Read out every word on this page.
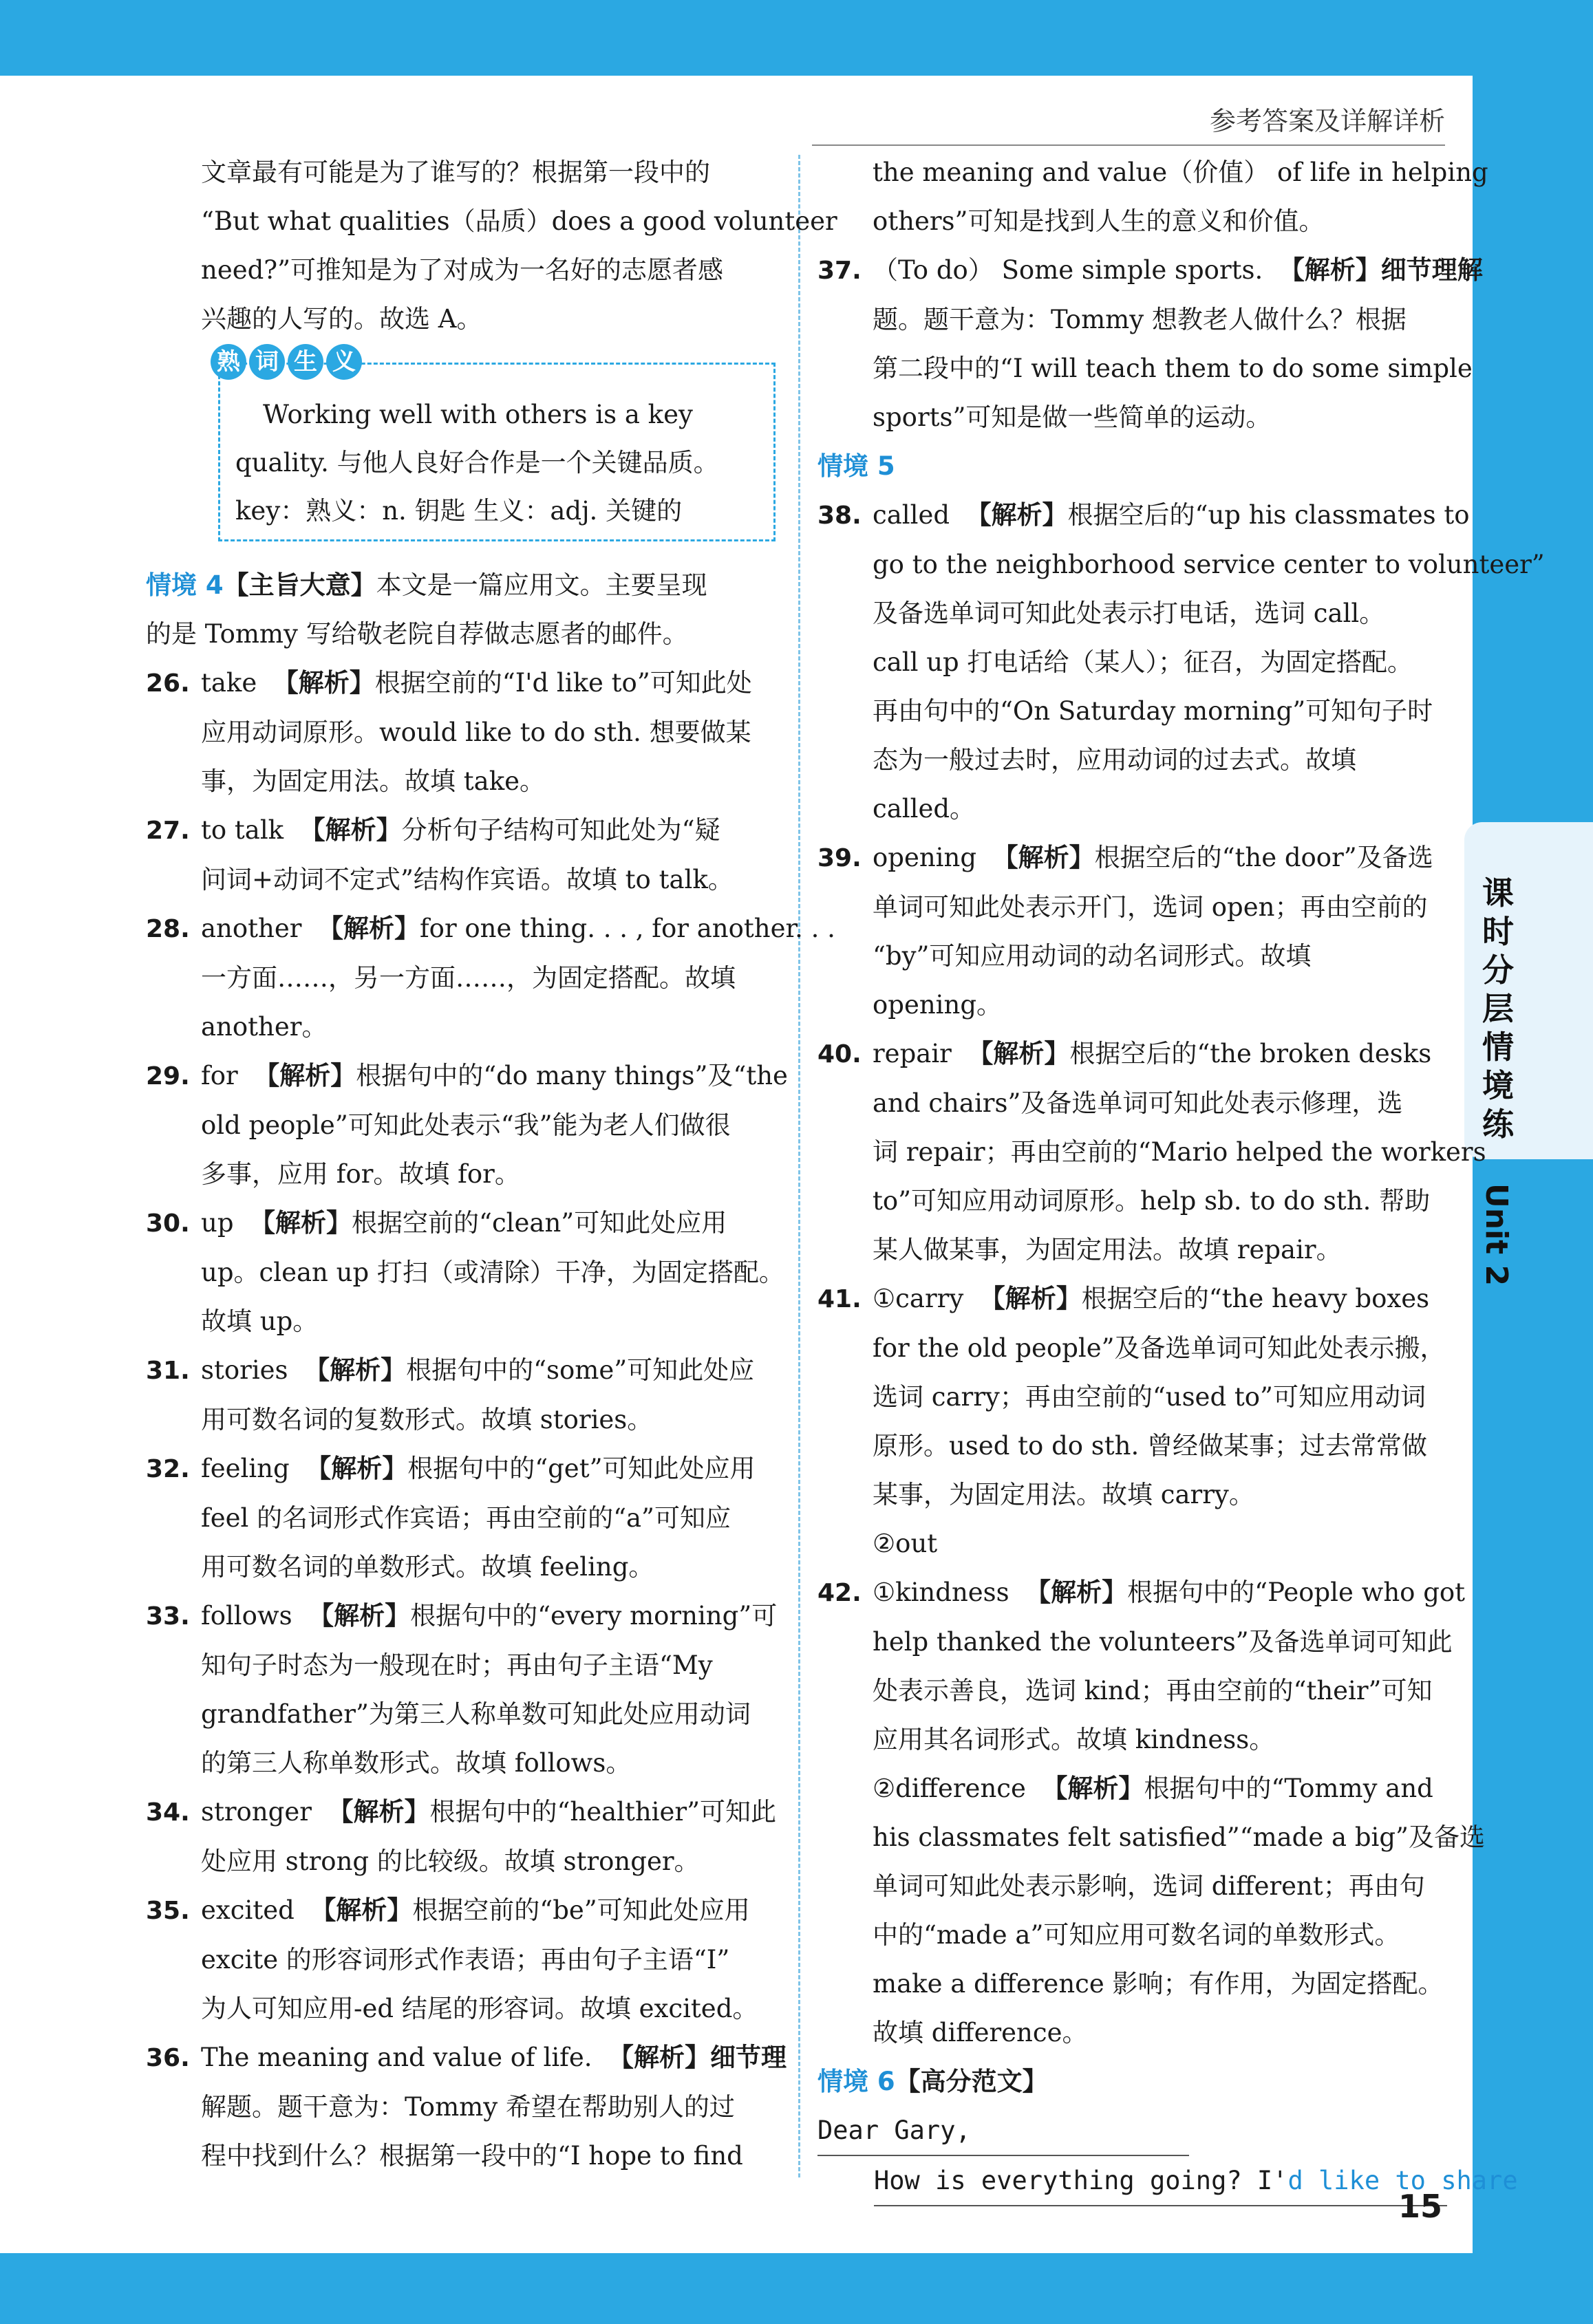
参考答案及详解详析
课时分层情境练
Unit 2
文章最有可能是为了谁写的？根据第一段中的
“But what qualities（品质）does a good volunteer
need?”可推知是为了对成为一名好的志愿者感
兴趣的人写的。故选 A。
熟 词 生 义
Working well with others is a key
quality. 与他人良好合作是一个关键品质。
key：熟义：n. 钥匙 生义：adj. 关键的
情境 4【主旨大意】本文是一篇应用文。主要呈现
的是 Tommy 写给敬老院自荐做志愿者的邮件。
26. take 【解析】根据空前的“I'd like to”可知此处
应用动词原形。would like to do sth. 想要做某
事，为固定用法。故填 take。
27. to talk 【解析】分析句子结构可知此处为“疑
问词+动词不定式”结构作宾语。故填 to talk。
28. another 【解析】for one thing. . . , for another. . .
一方面……，另一方面……，为固定搭配。故填
another。
29. for 【解析】根据句中的“do many things”及“the
old people”可知此处表示“我”能为老人们做很
多事，应用 for。故填 for。
30. up 【解析】根据空前的“clean”可知此处应用
up。clean up 打扫（或清除）干净，为固定搭配。
故填 up。
31. stories 【解析】根据句中的“some”可知此处应
用可数名词的复数形式。故填 stories。
32. feeling 【解析】根据句中的“get”可知此处应用
feel 的名词形式作宾语；再由空前的“a”可知应
用可数名词的单数形式。故填 feeling。
33. follows 【解析】根据句中的“every morning”可
知句子时态为一般现在时；再由句子主语“My
grandfather”为第三人称单数可知此处应用动词
的第三人称单数形式。故填 follows。
34. stronger 【解析】根据句中的“healthier”可知此
处应用 strong 的比较级。故填 stronger。
35. excited 【解析】根据空前的“be”可知此处应用
excite 的形容词形式作表语；再由句子主语“I”
为人可知应用-ed 结尾的形容词。故填 excited。
36. The meaning and value of life. 【解析】细节理
解题。题干意为：Tommy 希望在帮助别人的过
程中找到什么？根据第一段中的“I hope to find
the meaning and value（价值） of life in helping
others”可知是找到人生的意义和价值。
37. （To do） Some simple sports. 【解析】细节理解
题。题干意为：Tommy 想教老人做什么？根据
第二段中的“I will teach them to do some simple
sports”可知是做一些简单的运动。
情境 5
38. called 【解析】根据空后的“up his classmates to
go to the neighborhood service center to volunteer”
及备选单词可知此处表示打电话，选词 call。
call up 打电话给（某人）；征召，为固定搭配。
再由句中的“On Saturday morning”可知句子时
态为一般过去时，应用动词的过去式。故填
called。
39. opening 【解析】根据空后的“the door”及备选
单词可知此处表示开门，选词 open；再由空前的
“by”可知应用动词的动名词形式。故填
opening。
40. repair 【解析】根据空后的“the broken desks
and chairs”及备选单词可知此处表示修理，选
词 repair；再由空前的“Mario helped the workers
to”可知应用动词原形。help sb. to do sth. 帮助
某人做某事，为固定用法。故填 repair。
41. ①carry 【解析】根据空后的“the heavy boxes
for the old people”及备选单词可知此处表示搬，
选词 carry；再由空前的“used to”可知应用动词
原形。used to do sth. 曾经做某事；过去常常做
某事，为固定用法。故填 carry。
②out
42. ①kindness 【解析】根据句中的“People who got
help thanked the volunteers”及备选单词可知此
处表示善良，选词 kind；再由空前的“their”可知
应用其名词形式。故填 kindness。
②difference 【解析】根据句中的“Tommy and
his classmates felt satisfied”“made a big”及备选
单词可知此处表示影响，选词 different；再由句
中的“made a”可知应用可数名词的单数形式。
make a difference 影响；有作用，为固定搭配。
故填 difference。
情境 6【高分范文】
Dear Gary,
How is everything going? I'd like to share
15
